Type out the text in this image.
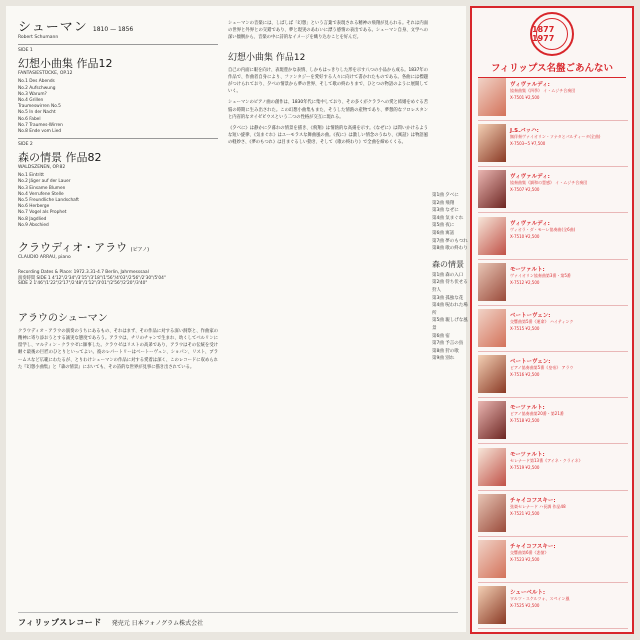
シューマン 1810 — 1856
Robert Schumann
SIDE 1
幻想小曲集 作品12
FANTASIESTÜCKE, OP.12
No.1 Des Abends
No.2 Aufschwung
No.3 Warum?
No.4 Grillen
Traumeswirren No.5
No.5 In der Nacht
No.6 Fabel
No.7 Traumes-Wirren
No.8 Ende vom Lied
SIDE 2
森の情景 作品82
WALDSZENEN, OP.82
No.1 Eintritt
No.2 Jäger auf der Lauer
No.3 Einsame Blumen
No.4 Verrufene Stelle
No.5 Freundliche Landschaft
No.6 Herberge
No.7 Vogel als Prophet
No.8 Jagdlied
No.9 Abschied
クラウディオ・アラウ (ピアノ)
CLAUDIO ARRAU, piano
Recording Dates & Place: 1972.3.31-4.7 Berlin, Jahrmesssaal
演奏時間 SIDE 1 4'12"/2'34"/3'15"/3'18"/1'56"/4'03"/2'56"/2'30"/5'04"
SIDE 2 1'46"/1'22"/2'17"/2'48"/1'12"/3'01"/2'56"/2'20"/3'40"
アラウのシューマン
クラウディオ・アラウの演奏のうちにあるもの、それはまず、その作品に対する深い洞察と、作曲家の精神に寄り添おうとする誠実な態度であろう。アラウは、チリのチャンで生まれ、幼くしてベルリンに留学し、マルティン・クラウゼに師事した。クラウゼはリストの高弟であり、アラウはその伝統を受け継ぐ最後の巨匠のひとりといってよい。彼のレパートリーはベートーヴェン、ショパン、リスト、ブラームスなど広範にわたるが、とりわけシューマンの作品に対する愛着は深く、このレコードに収められた『幻想小曲集』と『森の情景』においても、その詩的な世界が見事に描き出されている。
シューマンの音楽には、しばしば「幻想」という言葉で表現される精神の飛翔が見られる。それは内面の世界と外界との交錯であり、夢と現実のあわいに漂う感情の表出である。シューマン自身、文学への深い傾倒から、音楽の中に詩的なイメージを織り込むことを好んだ。
幻想小曲集 作品12
自己の内面に眼を向け、表現豊かな表情、しかもはっきりした形を示す八つの小品から成る。1837年の作品で、作曲者自身により、ファンタジーを愛好する人々に向けて書かれたものである。各曲には標題がつけられており、夕べの情景から夢の世界、そして歌の終わりまで、ひとつの物語のように展開していく。
シューマンのピアノ曲の創作は、1830年代に集中しており、その多くがクララへの愛と結婚をめぐる苦悩の時期に生み出された。この幻想小曲集もまた、そうした情熱の産物であり、夢想的なフロレスタンと内省的なオイゼビウスという二つの性格が交互に現れる。
《夕べに》は静かに夕暮れの情景を描き、《飛翔》は情熱的な高揚を示す。《なぜに》は問いかけるような短い旋律、《気まぐれ》はユーモラスな舞曲風の曲。《夜に》は激しい情念のうねり、《寓話》は物語風の軽妙さ、《夢のもつれ》は目まぐるしい動き、そして《歌の終わり》で全曲を締めくくる。
第1曲 夕べに
第2曲 飛翔
第3曲 なぜに
第4曲 気まぐれ
第5曲 夜に
第6曲 寓話
第7曲 夢のもつれ
第8曲 歌の終わり
森の情景
第1曲 森の入口
第2曲 待ち伏せる狩人
第3曲 孤独な花
第4曲 呪われた場所
第5曲 親しげな風景
第6曲 宿
第7曲 予言の鳥
第8曲 狩の歌
第9曲 別れ
フィリップスレコード 発売元 日本フォノグラム株式会社
1877 1977
フィリップス名盤ごあんない
ヴィヴァルディ:
協奏曲集《四季》 イ・ムジチ合奏団
X-7501 ¥2,500
J.S.バッハ:
無伴奏ヴァイオリン・ソナタとパルティータ(全曲)
X-7503~5 ¥7,500
ヴィヴァルディ:
協奏曲集《調和の霊感》 イ・ムジチ合奏団
X-7507 ¥2,500
ヴィヴァルディ:
ヴィオラ・ダ・モーレ協奏曲(全6曲)
X-7510 ¥2,500
モーツァルト:
ヴァイオリン協奏曲第3番・第5番
X-7512 ¥2,500
ベートーヴェン:
交響曲第5番《運命》 ハイティンク
X-7515 ¥2,500
ベートーヴェン:
ピアノ協奏曲第5番《皇帝》 アラウ
X-7516 ¥2,500
モーツァルト:
ピアノ協奏曲第20番・第21番
X-7518 ¥2,500
モーツァルト:
セレナード第13番《アイネ・クライネ》
X-7519 ¥2,500
チャイコフスキー:
弦楽セレナード ハ長調 作品48
X-7521 ¥2,500
チャイコフスキー:
交響曲第6番《悲愴》
X-7523 ¥2,500
シューベルト:
ワルツ・スケルツォ、スペイン風
X-7525 ¥2,500
